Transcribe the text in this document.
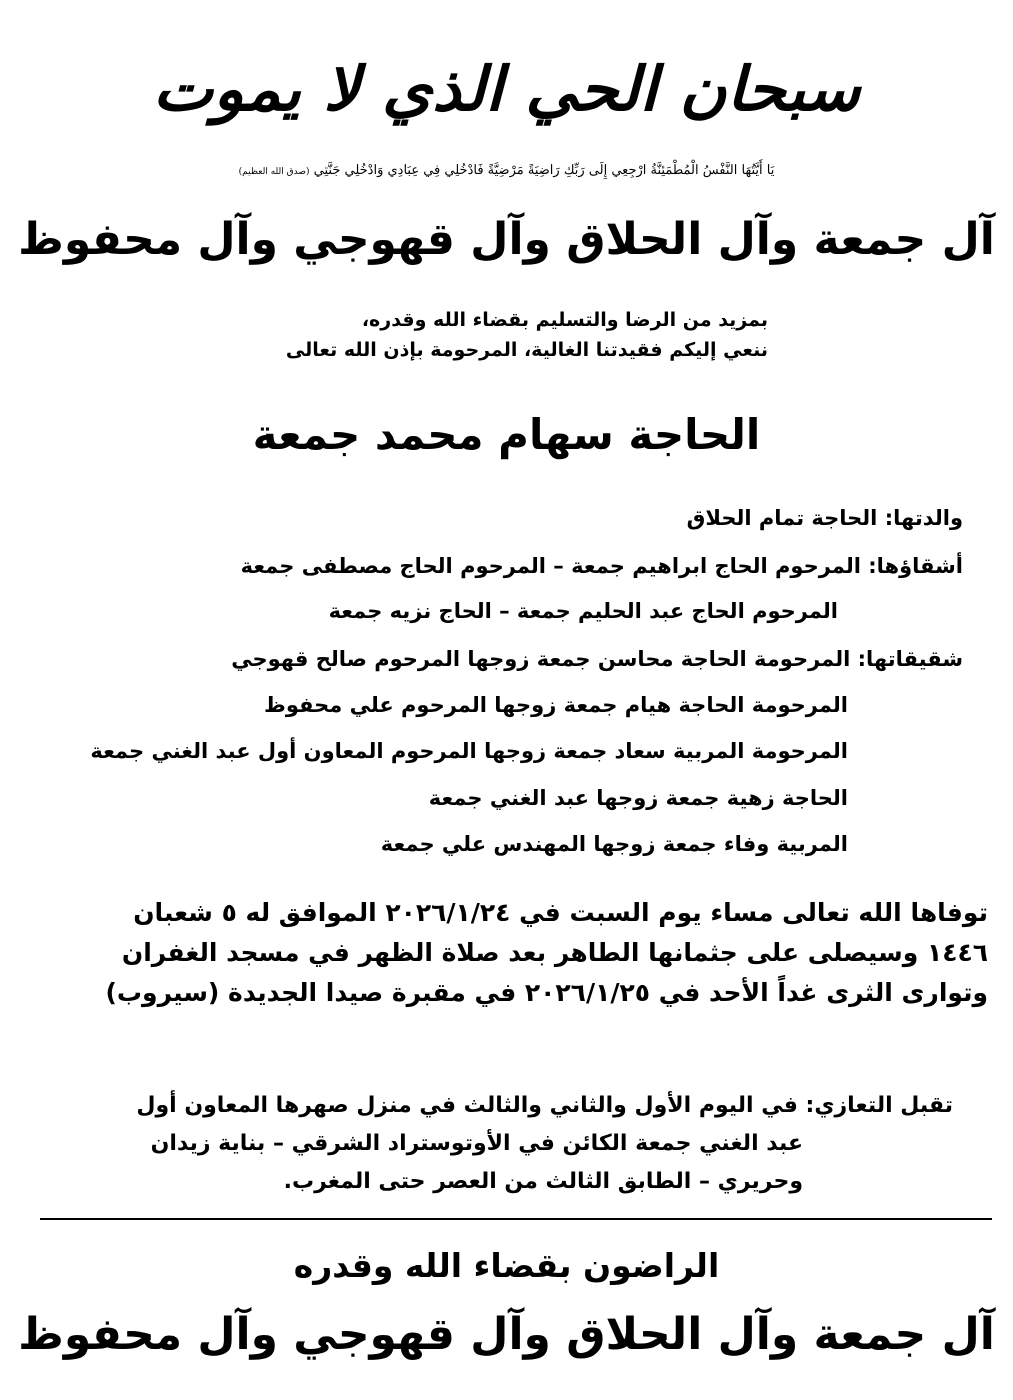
سبحان الحي الذي لا يموت
يَا أَيَّتُهَا النَّفْسُ الْمُطْمَئِنَّةُ ارْجِعِي إِلَى رَبِّكِ رَاضِيَةً مَرْضِيَّةً فَادْخُلِي فِي عِبَادِي وَادْخُلِي جَنَّتِي (صدق الله العظيم)
آل جمعة وآل الحلاق وآل قهوجي وآل محفوظ
بمزيد من الرضا والتسليم بقضاء الله وقدره،
ننعي إليكم فقيدتنا الغالية، المرحومة بإذن الله تعالى
الحاجة سهام محمد جمعة
والدتها: الحاجة تمام الحلاق
أشقاؤها: المرحوم الحاج ابراهيم جمعة – المرحوم الحاج مصطفى جمعة
المرحوم الحاج عبد الحليم جمعة – الحاج نزيه جمعة
شقيقاتها: المرحومة الحاجة محاسن جمعة زوجها المرحوم صالح قهوجي
المرحومة الحاجة هيام جمعة زوجها المرحوم علي محفوظ
المرحومة المربية سعاد جمعة زوجها المرحوم المعاون أول عبد الغني جمعة
الحاجة زهية جمعة زوجها عبد الغني جمعة
المربية وفاء جمعة زوجها المهندس علي جمعة
توفاها الله تعالى مساء يوم السبت في ٢٠٢٦/١/٢٤ الموافق له ٥ شعبان
١٤٤٦ وسيصلى على جثمانها الطاهر بعد صلاة الظهر في مسجد الغفران
وتوارى الثرى غداً الأحد في ٢٠٢٦/١/٢٥ في مقبرة صيدا الجديدة (سيروب)
تقبل التعازي: في اليوم الأول والثاني والثالث في منزل صهرها المعاون أول
عبد الغني جمعة الكائن في الأوتوستراد الشرقي – بناية زيدان
وحريري – الطابق الثالث من العصر حتى المغرب.
الراضون بقضاء الله وقدره
آل جمعة وآل الحلاق وآل قهوجي وآل محفوظ
